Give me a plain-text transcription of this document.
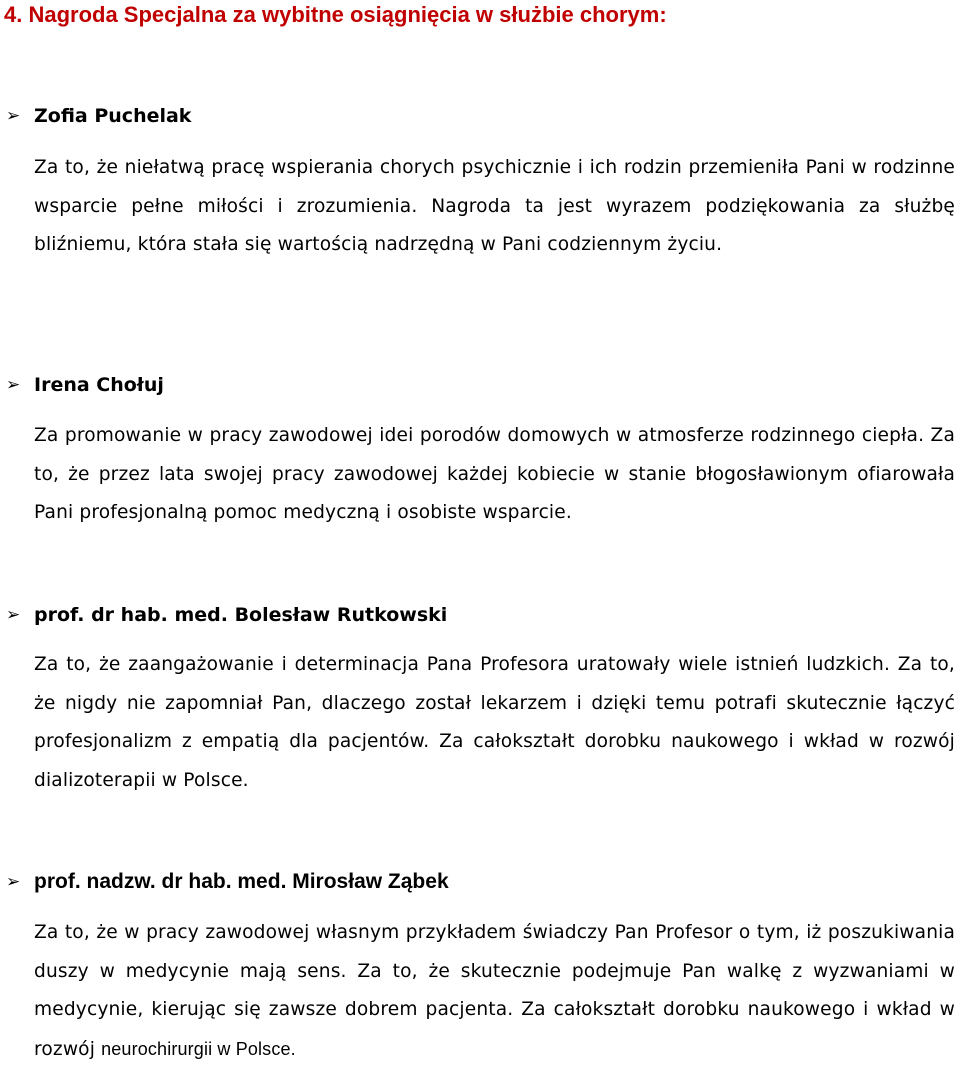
4. Nagroda Specjalna za wybitne osiągnięcia w służbie chorym:
➢ Zofia Puchelak

Za to, że niełatwą pracę wspierania chorych psychicznie i ich rodzin przemieniła Pani w rodzinne wsparcie pełne miłości i zrozumienia. Nagroda ta jest wyrazem podziękowania za służbę bliźniemu, która stała się wartością nadrzędną w Pani codziennym życiu.

➢ Irena Chołuj

Za promowanie w pracy zawodowej idei porodów domowych w atmosferze rodzinnego ciepła. Za to, że przez lata swojej pracy zawodowej każdej kobiecie w stanie błogosławionym ofiarowała Pani profesjonalną pomoc medyczną i osobiste wsparcie.

➢ prof. dr hab. med. Bolesław Rutkowski

Za to, że zaangażowanie i determinacja Pana Profesora uratowały wiele istnień ludzkich. Za to, że nigdy nie zapomniał Pan, dlaczego został lekarzem i dzięki temu potrafi skutecznie łączyć profesjonalizm z empatią dla pacjentów. Za całokształt dorobku naukowego i wkład w rozwój dializoterapii w Polsce.

➢ prof. nadzw. dr hab. med. Mirosław Ząbek

Za to, że w pracy zawodowej własnym przykładem świadczy Pan Profesor o tym, iż poszukiwania duszy w medycynie mają sens. Za to, że skutecznie podejmuje Pan walkę z wyzwaniami w medycynie, kierując się zawsze dobrem pacjenta. Za całokształt dorobku naukowego i wkład w rozwój neurochirurgii w Polsce.
